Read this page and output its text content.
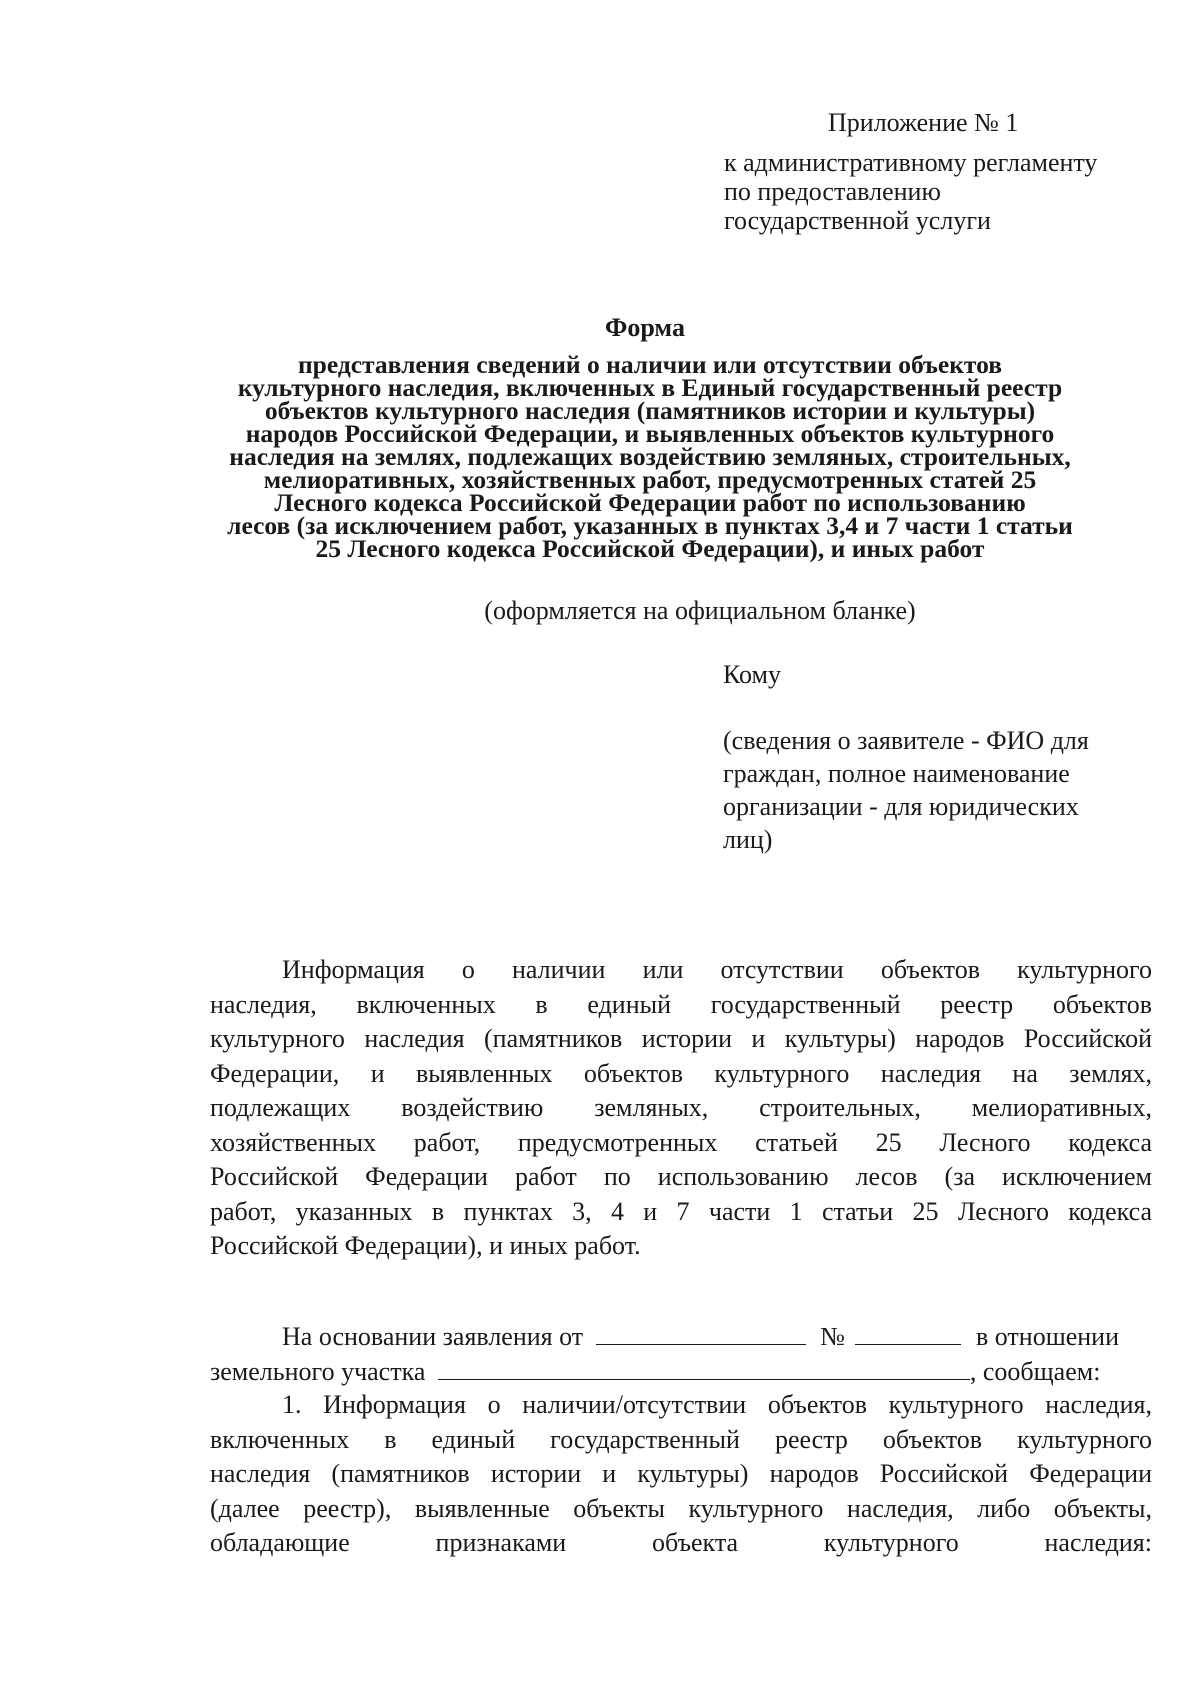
Приложение № 1
к административному регламенту
по предоставлению
государственной услуги
Форма
представления сведений о наличии или отсутствии объектов
культурного наследия, включенных в Единый государственный реестр
объектов культурного наследия (памятников истории и культуры)
народов Российской Федерации, и выявленных объектов культурного
наследия на землях, подлежащих воздействию земляных, строительных,
мелиоративных, хозяйственных работ, предусмотренных статей 25
Лесного кодекса Российской Федерации работ по использованию
лесов (за исключением работ, указанных в пунктах 3,4 и 7 части 1 статьи
25 Лесного кодекса Российской Федерации), и иных работ
(оформляется на официальном бланке)
Кому
(сведения о заявителе - ФИО для
граждан, полное наименование
организации - для юридических
лиц)
Информация о наличии или отсутствии объектов культурного
наследия, включенных в единый государственный реестр объектов
культурного наследия (памятников истории и культуры) народов Российской
Федерации, и выявленных объектов культурного наследия на землях,
подлежащих воздействию земляных, строительных, мелиоративных,
хозяйственных работ, предусмотренных статьей 25 Лесного кодекса
Российской Федерации работ по использованию лесов (за исключением
работ, указанных в пунктах 3, 4 и 7 части 1 статьи 25 Лесного кодекса
Российской Федерации), и иных работ.
На основании заявления от	№	в отношении
земельного участка	, сообщаем:
1. Информация о наличии/отсутствии объектов культурного наследия,
включенных в единый государственный реестр объектов культурного
наследия (памятников истории и культуры) народов Российской Федерации
(далее реестр), выявленные объекты культурного наследия, либо объекты,
обладающие признаками объекта культурного наследия:
